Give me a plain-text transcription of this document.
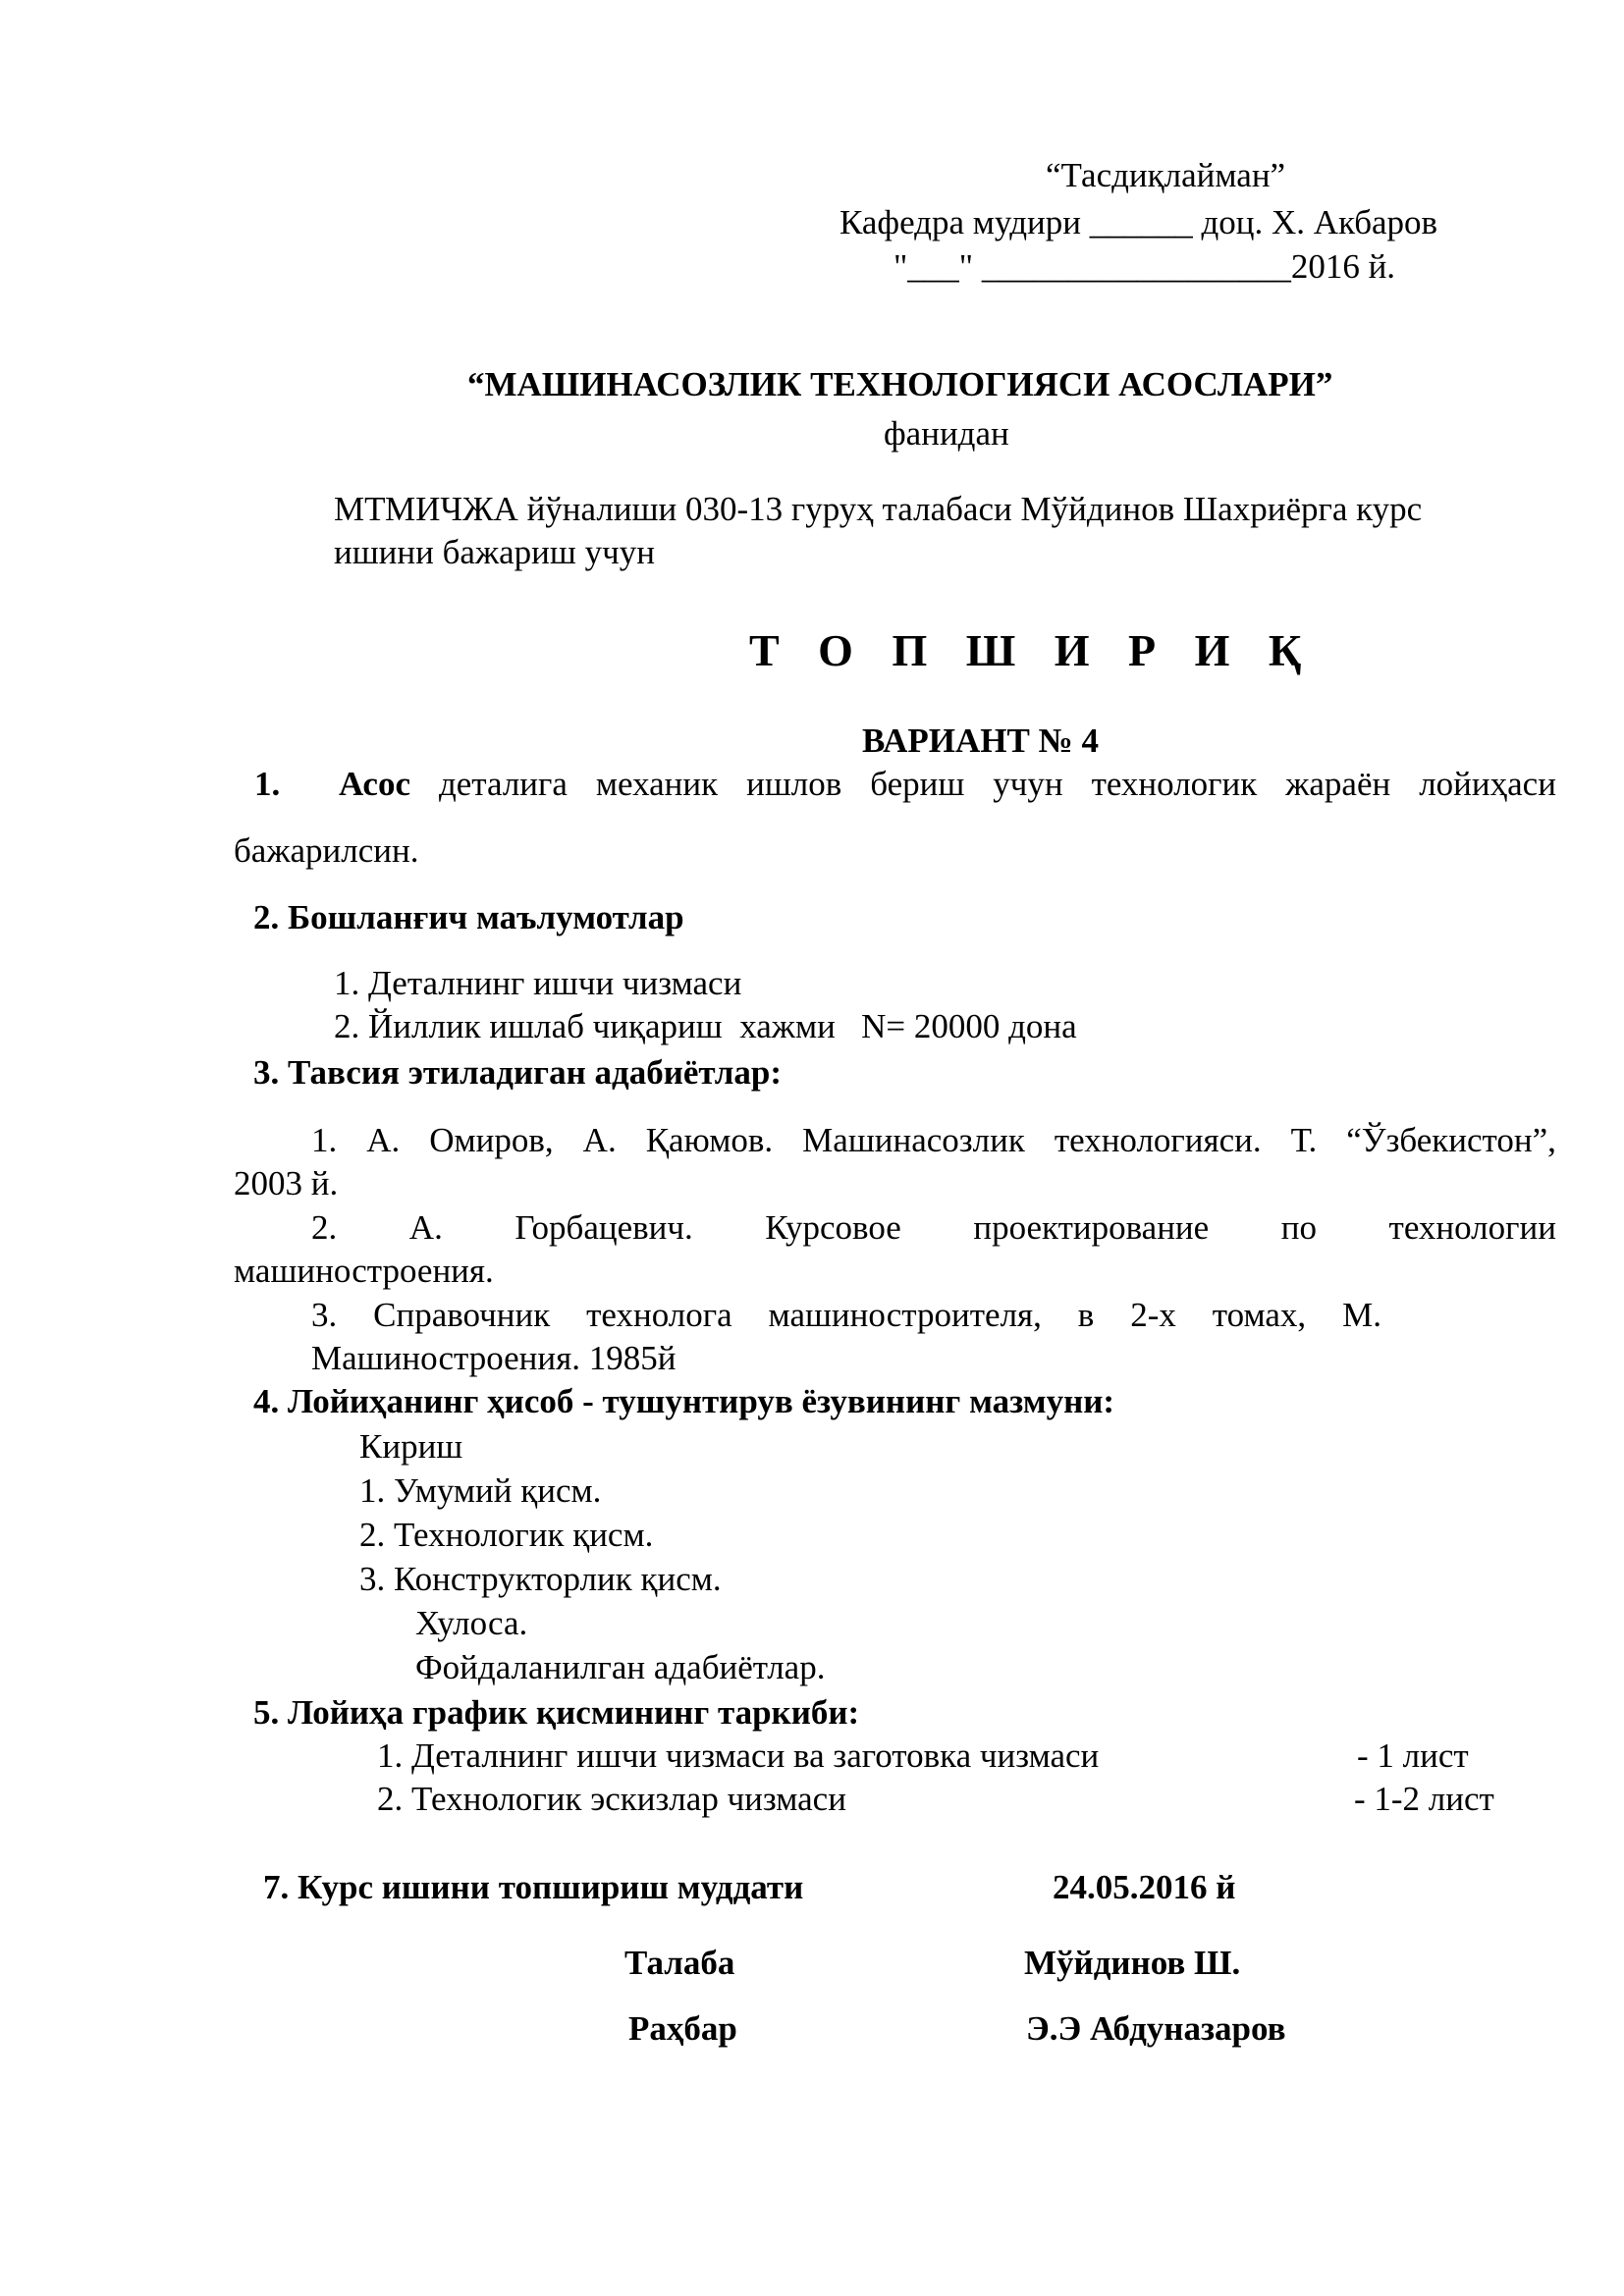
“Тасдиқлайман”
Кафедра мудири ______ доц. Х. Акбаров
"___" __________________2016 й.
“МАШИНАСОЗЛИК ТЕХНОЛОГИЯСИ АСОСЛАРИ”
фанидан
МТМИЧЖА йўналиши 030-13 гуруҳ талабаси Мўйдинов Шахриёрга курс
ишини бажариш учун
Т О П Ш И Р И Қ
ВАРИАНТ № 4
1. Асос деталига механик ишлов бериш учун технологик жараён лойиҳаси
бажарилсин.
2. Бошланғич маълумотлар
1. Деталнинг ишчи чизмаси
2. Йиллик ишлаб чиқариш  хажми   N= 20000 дона
3. Тавсия этиладиган адабиётлар:
1. А. Омиров, А. Қаюмов. Машинасозлик технологияси. Т. “Ўзбекистон”,
2003 й.
2. А. Горбацевич. Курсовое проектирование по технологии
машиностроения.
3. Справочник технолога машиностроителя, в 2-х томах, М.
Машиностроения. 1985й
4. Лойиҳанинг ҳисоб - тушунтирув ёзувининг мазмуни:
Кириш
1. Умумий қисм.
2. Технологик қисм.
3. Конструкторлик қисм.
Хулоса.
Фойдаланилган адабиётлар.
5. Лойиҳа график қисмининг таркиби:
1. Деталнинг ишчи чизмаси ва заготовка чизмаси	- 1 лист
2. Технологик эскизлар чизмаси	- 1-2 лист
7. Курс ишини топшириш муддати	24.05.2016 й
Талаба	Мўйдинов Ш.
Раҳбар	Э.Э Абдуназаров
